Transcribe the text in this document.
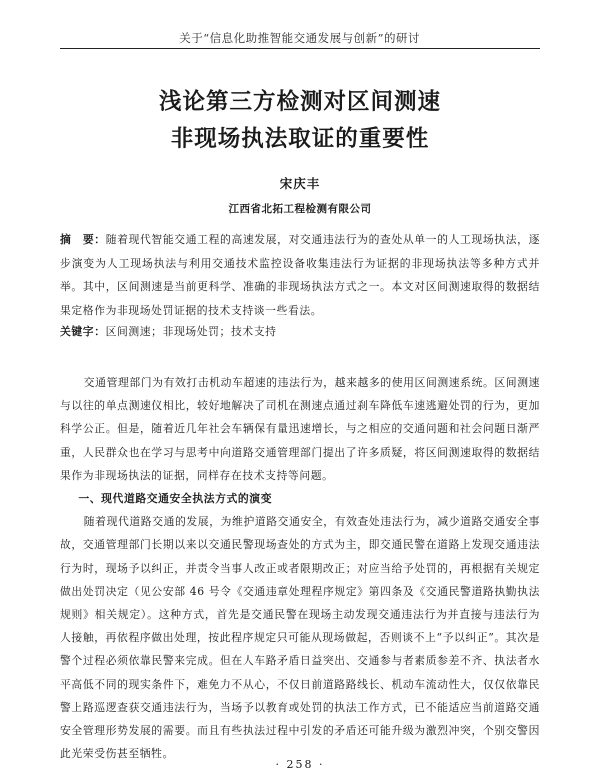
关于“信息化助推智能交通发展与创新”的研讨
浅论第三方检测对区间测速
非现场执法取证的重要性
宋庆丰
江西省北拓工程检测有限公司
摘　要：随着现代智能交通工程的高速发展，对交通违法行为的查处从单一的人工现场执法，逐步演变为人工现场执法与利用交通技术监控设备收集违法行为证据的非现场执法等多种方式并举。其中，区间测速是当前更科学、准确的非现场执法方式之一。本文对区间测速取得的数据结果定格作为非现场处罚证据的技术支持谈一些看法。
关键字：区间测速；非现场处罚；技术支持

交通管理部门为有效打击机动车超速的违法行为，越来越多的使用区间测速系统。区间测速与以往的单点测速仪相比，较好地解决了司机在测速点通过刹车降低车速逃避处罚的行为，更加科学公正。但是，随着近几年社会车辆保有量迅速增长，与之相应的交通问题和社会问题日渐严重，人民群众也在学习与思考中向道路交通管理部门提出了许多质疑，将区间测速取得的数据结果作为非现场执法的证据，同样存在技术支持等问题。

一、现代道路交通安全执法方式的演变

随着现代道路交通的发展，为维护道路交通安全，有效查处违法行为，减少道路交通安全事故，交通管理部门长期以来以交通民警现场查处的方式为主，即交通民警在道路上发现交通违法行为时，现场予以纠正，并责令当事人改正或者限期改正；对应当给予处罚的，再根据有关规定做出处罚决定（见公安部 46 号令《交通违章处理程序规定》第四条及《交通民警道路执勤执法规则》相关规定）。这种方式，首先是交通民警在现场主动发现交通违法行为并直接与违法行为人接触，再依程序做出处理，按此程序规定只可能从现场做起，否则谈不上“予以纠正”。其次是警个过程必须依靠民警来完成。但在人车路矛盾日益突出、交通参与者素质参差不齐、执法者水平高低不同的现实条件下，难免力不从心，不仅日前道路路线长、机动车流动性大，仅仅依靠民警上路巡逻查获交通违法行为，当场予以教育或处罚的执法工作方式，已不能适应当前道路交通安全管理形势发展的需要。而且有些执法过程中引发的矛盾还可能升级为激烈冲突，个别交警因此光荣受伤甚至牺牲。

· 258 ·
